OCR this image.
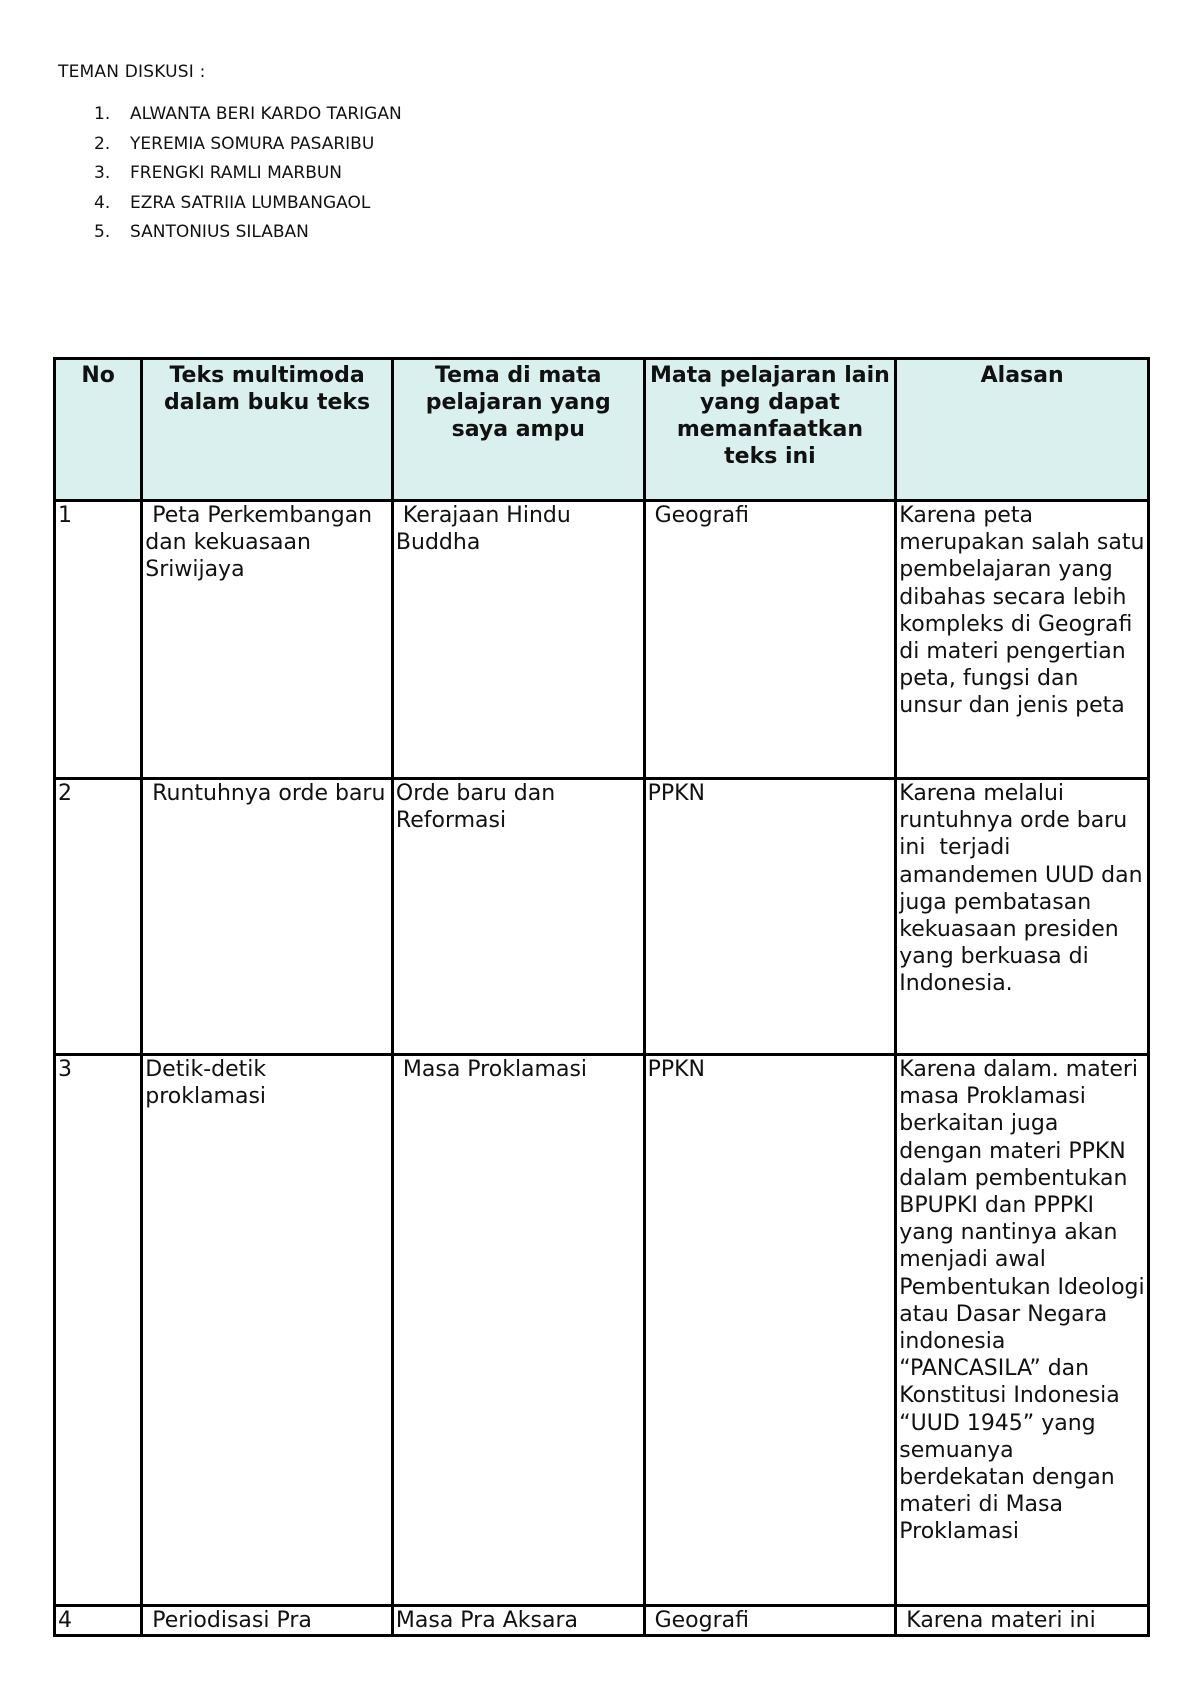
TEMAN DISKUSI :
1.	ALWANTA BERI KARDO TARIGAN
2.	YEREMIA SOMURA PASARIBU
3.	FRENGKI RAMLI MARBUN
4.	EZRA SATRIIA LUMBANGAOL
5.	SANTONIUS SILABAN
No	Teks multimoda dalam buku teks	Tema di mata pelajaran yang saya ampu	Mata pelajaran lain yang dapat memanfaatkan teks ini	Alasan
1	Peta Perkembangan dan kekuasaan Sriwijaya	Kerajaan Hindu Buddha	Geografi	Karena peta merupakan salah satu pembelajaran yang dibahas secara lebih kompleks di Geografi di materi pengertian peta, fungsi dan unsur dan jenis peta
2	Runtuhnya orde baru	Orde baru dan Reformasi	PPKN	Karena melalui runtuhnya orde baru ini  terjadi amandemen UUD dan juga pembatasan kekuasaan presiden yang berkuasa di Indonesia.
3	Detik-detik proklamasi	Masa Proklamasi	PPKN	Karena dalam. materi masa Proklamasi berkaitan juga dengan materi PPKN dalam pembentukan BPUPKI dan PPPKI yang nantinya akan menjadi awal Pembentukan Ideologi atau Dasar Negara indonesia “PANCASILA” dan Konstitusi Indonesia “UUD 1945” yang semuanya berdekatan dengan materi di Masa Proklamasi
4	Periodisasi Pra	Masa Pra Aksara	Geografi	Karena materi ini
